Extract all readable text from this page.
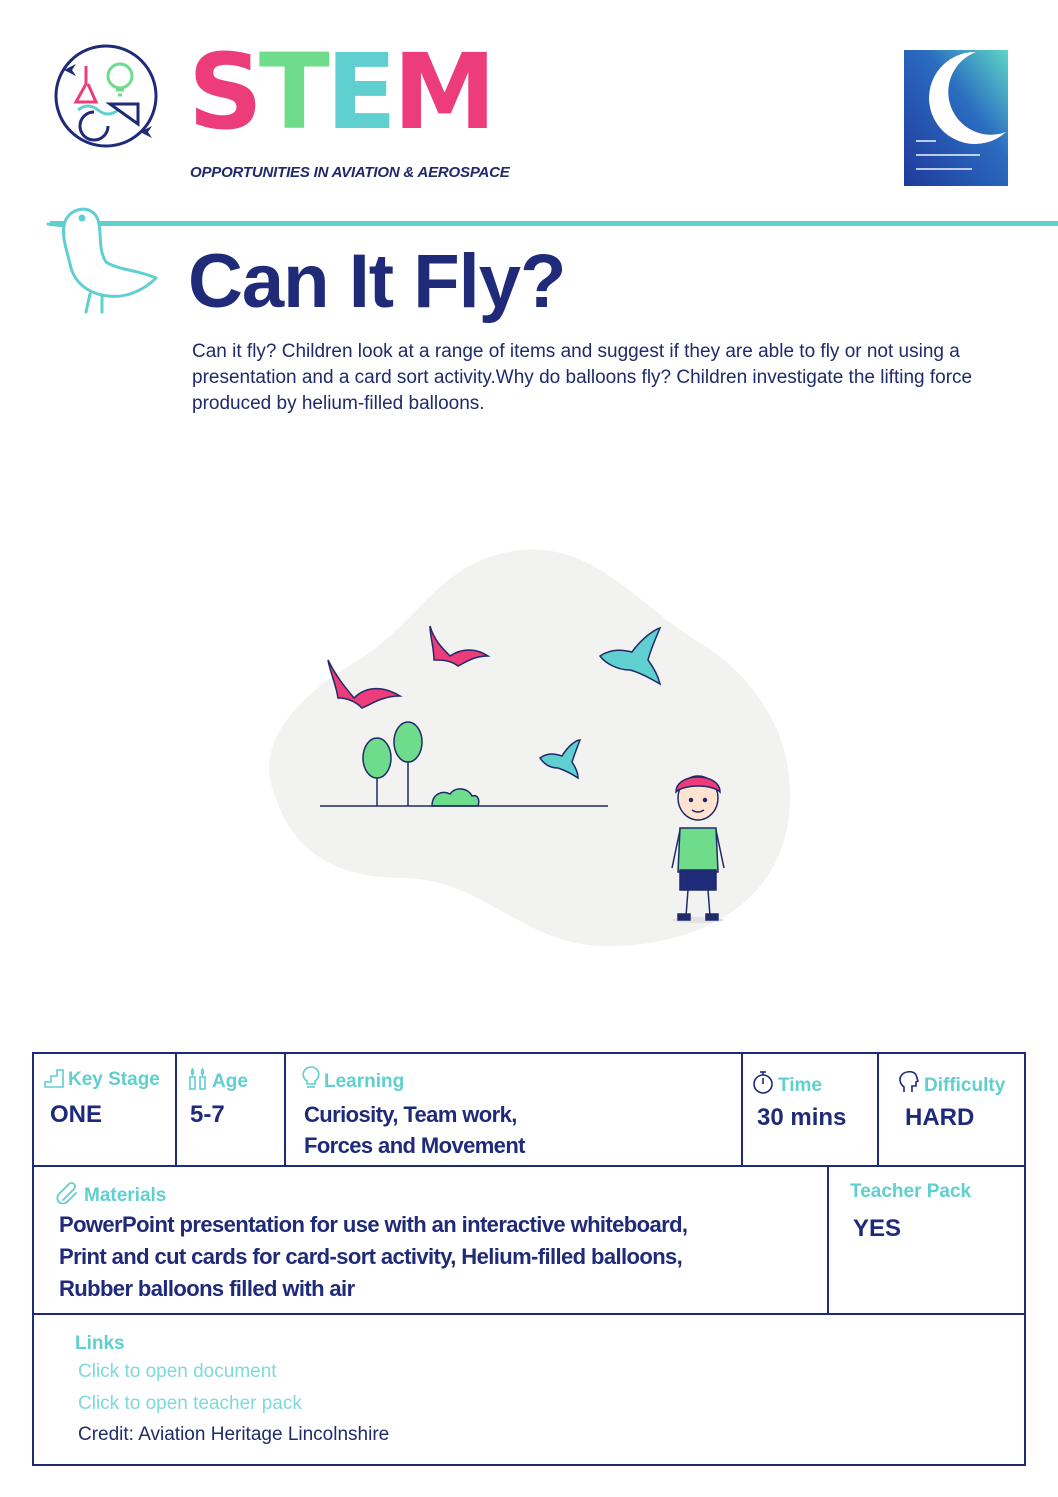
STEM
OPPORTUNITIES IN AVIATION & AEROSPACE
Can It Fly?
Can it fly? Children look at a range of items and suggest if they are able to fly or not using a presentation and a card sort activity.Why do balloons fly? Children investigate the lifting force produced by helium-filled balloons.
Key Stage
ONE
Age
5-7
Learning
Curiosity, Team work,
Forces and Movement
Time
30 mins
Difficulty
HARD
Materials
PowerPoint presentation for use with an interactive whiteboard,
Print and cut cards for card-sort activity, Helium-filled balloons,
Rubber balloons filled with air
Teacher Pack
YES
Links
Click to open document
Click to open teacher pack
Credit: Aviation Heritage Lincolnshire
